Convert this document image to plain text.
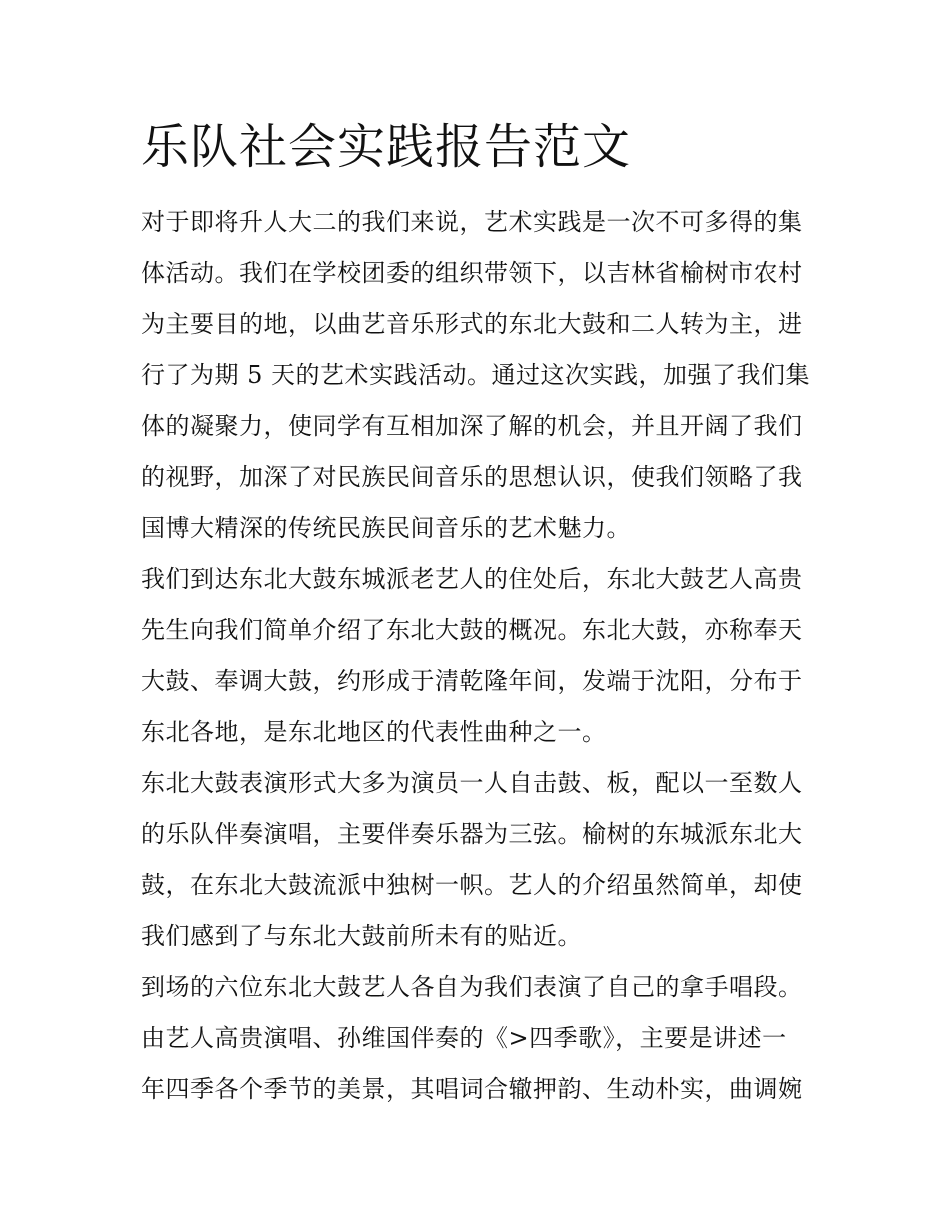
乐队社会实践报告范文
对于即将升人大二的我们来说，艺术实践是一次不可多得的集
体活动。我们在学校团委的组织带领下，以吉林省榆树市农村
为主要目的地，以曲艺音乐形式的东北大鼓和二人转为主，进
行了为期 5 天的艺术实践活动。通过这次实践，加强了我们集
体的凝聚力，使同学有互相加深了解的机会，并且开阔了我们
的视野，加深了对民族民间音乐的思想认识，使我们领略了我
国博大精深的传统民族民间音乐的艺术魅力。
我们到达东北大鼓东城派老艺人的住处后，东北大鼓艺人高贵
先生向我们简单介绍了东北大鼓的概况。东北大鼓，亦称奉天
大鼓、奉调大鼓，约形成于清乾隆年间，发端于沈阳，分布于
东北各地，是东北地区的代表性曲种之一。
东北大鼓表演形式大多为演员一人自击鼓、板，配以一至数人
的乐队伴奏演唱，主要伴奏乐器为三弦。榆树的东城派东北大
鼓，在东北大鼓流派中独树一帜。艺人的介绍虽然简单，却使
我们感到了与东北大鼓前所未有的贴近。
到场的六位东北大鼓艺人各自为我们表演了自己的拿手唱段。
由艺人高贵演唱、孙维国伴奏的《>四季歌》，主要是讲述一
年四季各个季节的美景，其唱词合辙押韵、生动朴实，曲调婉
